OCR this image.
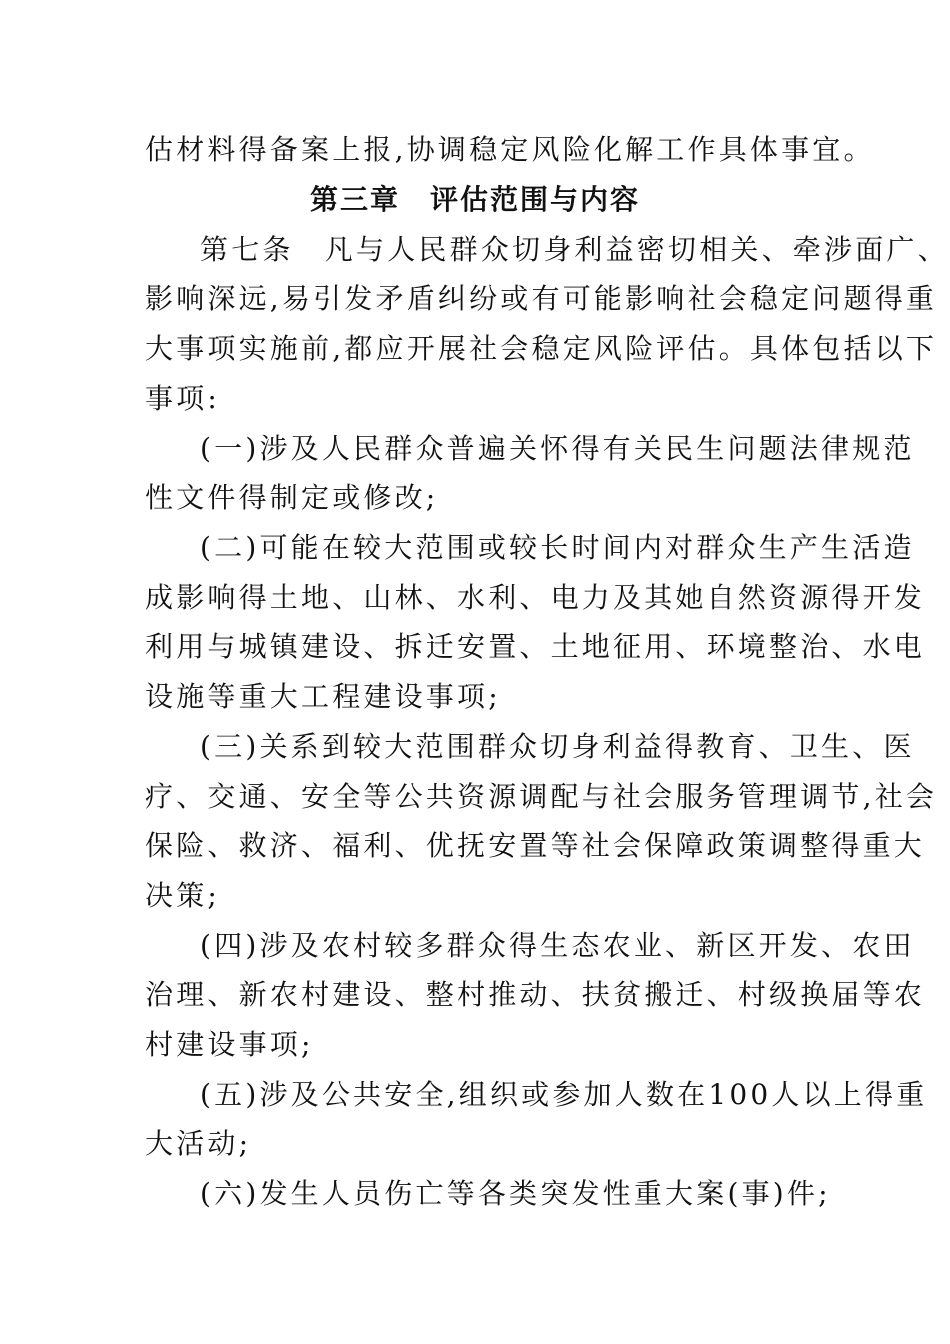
估材料得备案上报,协调稳定风险化解工作具体事宜。
第三章　评估范围与内容
第七条　凡与人民群众切身利益密切相关、牵涉面广、
影响深远,易引发矛盾纠纷或有可能影响社会稳定问题得重
大事项实施前,都应开展社会稳定风险评估。具体包括以下
事项:
(一)涉及人民群众普遍关怀得有关民生问题法律规范
性文件得制定或修改;
(二)可能在较大范围或较长时间内对群众生产生活造
成影响得土地、山林、水利、电力及其她自然资源得开发
利用与城镇建设、拆迁安置、土地征用、环境整治、水电
设施等重大工程建设事项;
(三)关系到较大范围群众切身利益得教育、卫生、医
疗、交通、安全等公共资源调配与社会服务管理调节,社会
保险、救济、福利、优抚安置等社会保障政策调整得重大
决策;
(四)涉及农村较多群众得生态农业、新区开发、农田
治理、新农村建设、整村推动、扶贫搬迁、村级换届等农
村建设事项;
(五)涉及公共安全,组织或参加人数在100人以上得重
大活动;
(六)发生人员伤亡等各类突发性重大案(事)件;
